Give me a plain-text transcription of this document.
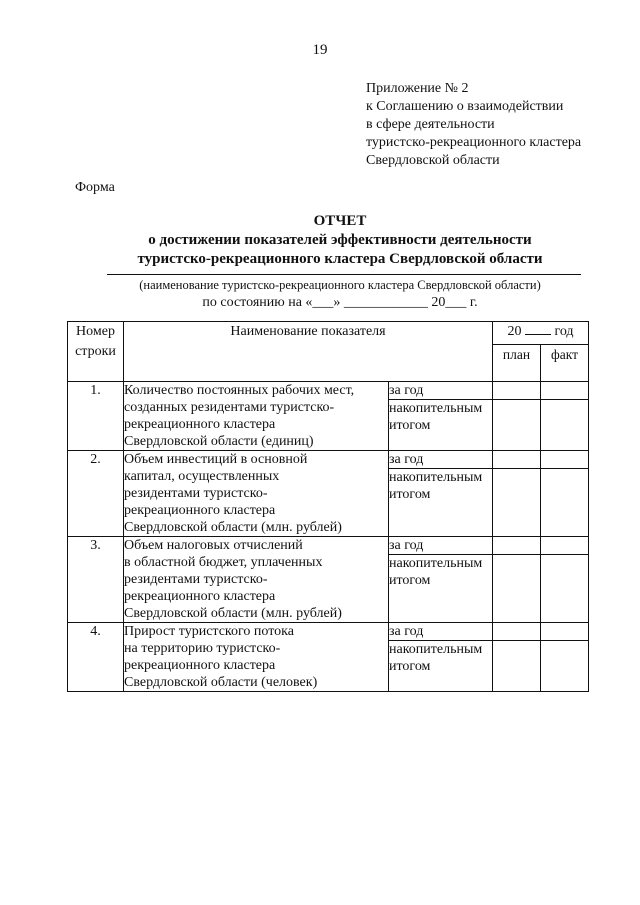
19
Приложение № 2
к Соглашению о взаимодействии
в сфере деятельности
туристско-рекреационного кластера
Свердловской области
Форма
ОТЧЕТ
о достижении показателей эффективности деятельности
туристско-рекреационного кластера Свердловской области
(наименование туристско-рекреационного кластера Свердловской области)
по состоянию на «___» ____________ 20___ г.
Номер
строки	Наименование показателя		20 год	
			план	факт
1.	Количество постоянных рабочих мест,
созданных резидентами туристско-
рекреационного кластера
Свердловской области (единиц)	за год		

		накопительным
итогом		

2.	Объем инвестиций в основной
капитал, осуществленных
резидентами туристско-
рекреационного кластера
Свердловской области (млн. рублей)	за год		

		накопительным
итогом		

3.	Объем налоговых отчислений
в областной бюджет, уплаченных
резидентами туристско-
рекреационного кластера
Свердловской области (млн. рублей)	за год		

		накопительным
итогом		

4.	Прирост туристского потока
на территорию туристско-
рекреационного кластера
Свердловской области (человек)	за год		

		накопительным
итогом		
